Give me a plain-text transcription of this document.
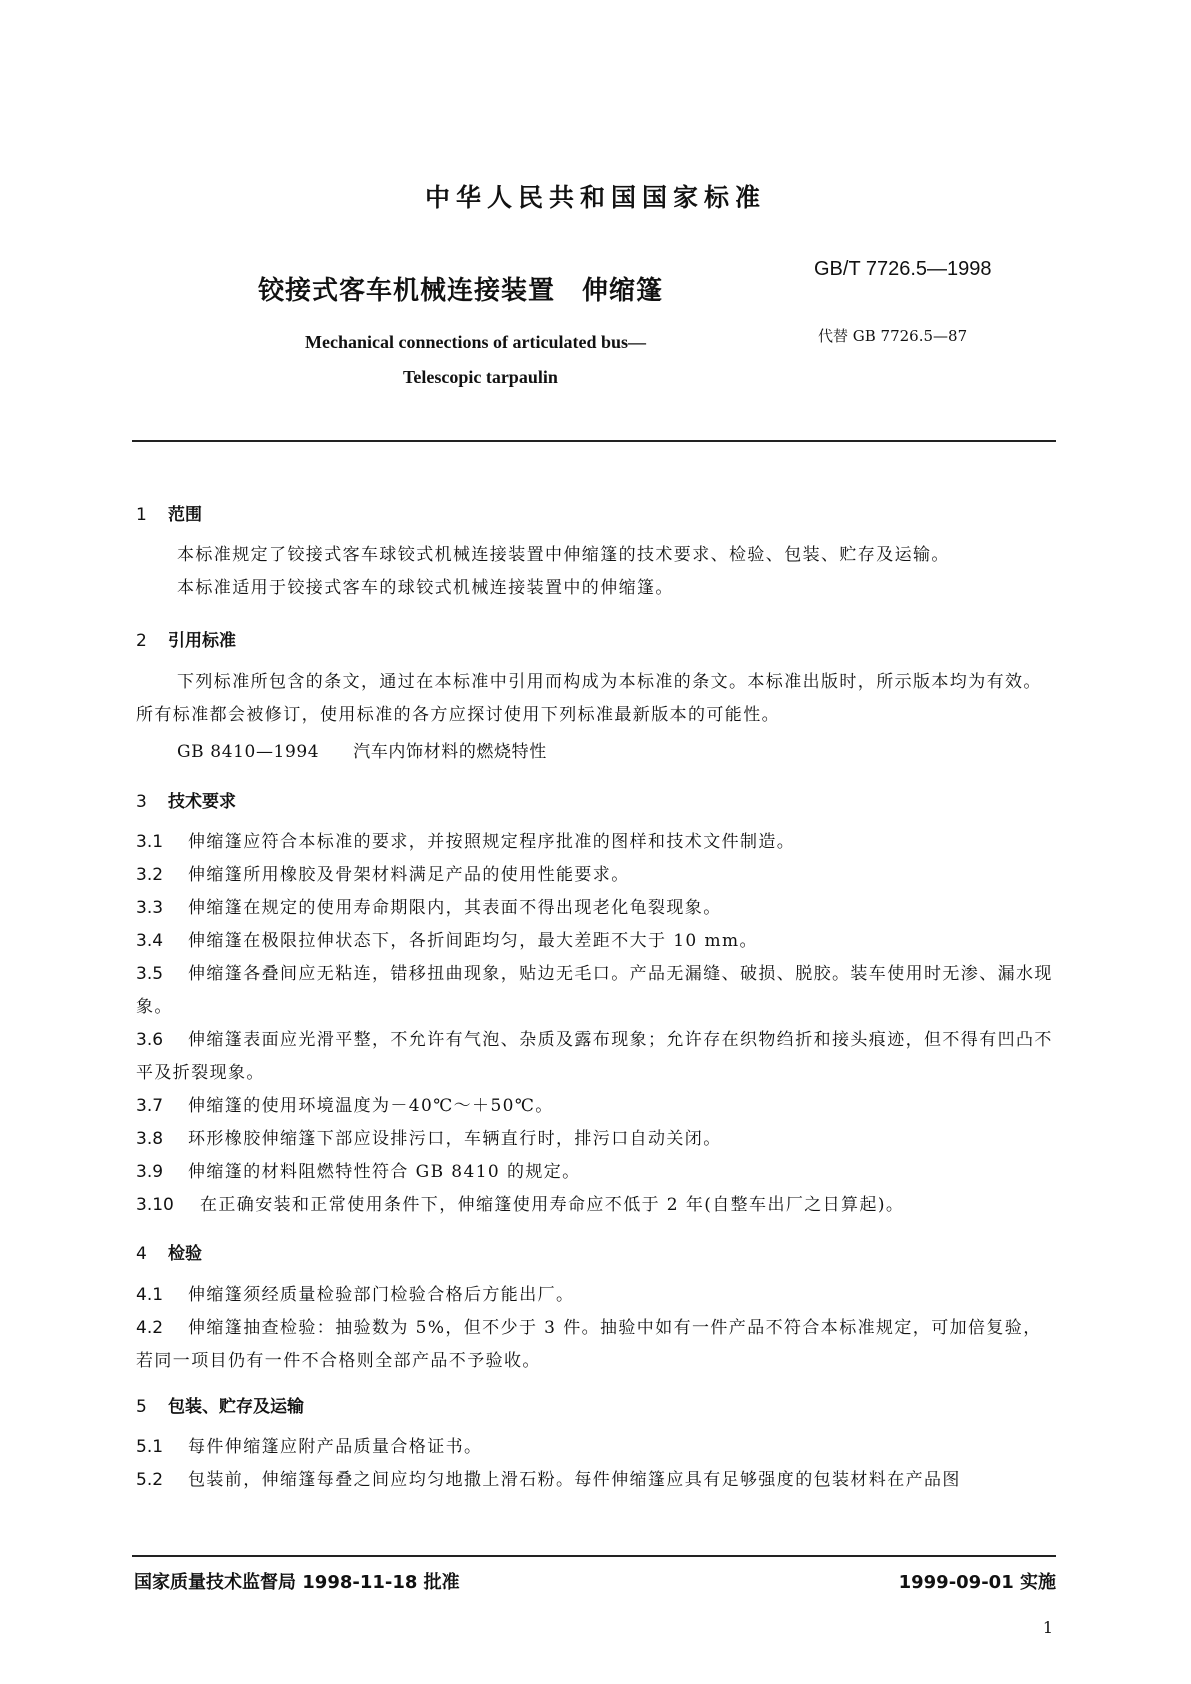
中华人民共和国国家标准
铰接式客车机械连接装置　伸缩篷
GB/T 7726.5—1998
代替 GB 7726.5—87
Mechanical connections of articulated bus—
Telescopic tarpaulin
1 范围
本标准规定了铰接式客车球铰式机械连接装置中伸缩篷的技术要求、检验、包装、贮存及运输。
本标准适用于铰接式客车的球铰式机械连接装置中的伸缩篷。
2 引用标准
下列标准所包含的条文，通过在本标准中引用而构成为本标准的条文。本标准出版时，所示版本均为有效。所有标准都会被修订，使用标准的各方应探讨使用下列标准最新版本的可能性。
GB 8410—1994 汽车内饰材料的燃烧特性
3 技术要求
3.1 伸缩篷应符合本标准的要求，并按照规定程序批准的图样和技术文件制造。
3.2 伸缩篷所用橡胶及骨架材料满足产品的使用性能要求。
3.3 伸缩篷在规定的使用寿命期限内，其表面不得出现老化龟裂现象。
3.4 伸缩篷在极限拉伸状态下，各折间距均匀，最大差距不大于 10 mm。
3.5 伸缩篷各叠间应无粘连，错移扭曲现象，贴边无毛口。产品无漏缝、破损、脱胶。装车使用时无渗、漏水现象。
3.6 伸缩篷表面应光滑平整，不允许有气泡、杂质及露布现象；允许存在织物绉折和接头痕迹，但不得有凹凸不平及折裂现象。
3.7 伸缩篷的使用环境温度为－40℃～＋50℃。
3.8 环形橡胶伸缩篷下部应设排污口，车辆直行时，排污口自动关闭。
3.9 伸缩篷的材料阻燃特性符合 GB 8410 的规定。
3.10 在正确安装和正常使用条件下，伸缩篷使用寿命应不低于 2 年(自整车出厂之日算起)。
4 检验
4.1 伸缩篷须经质量检验部门检验合格后方能出厂。
4.2 伸缩篷抽查检验：抽验数为 5%，但不少于 3 件。抽验中如有一件产品不符合本标准规定，可加倍复验，若同一项目仍有一件不合格则全部产品不予验收。
5 包装、贮存及运输
5.1 每件伸缩篷应附产品质量合格证书。
5.2 包装前，伸缩篷每叠之间应均匀地撒上滑石粉。每件伸缩篷应具有足够强度的包装材料在产品图
国家质量技术监督局 1998-11-18 批准	1999-09-01 实施
1
